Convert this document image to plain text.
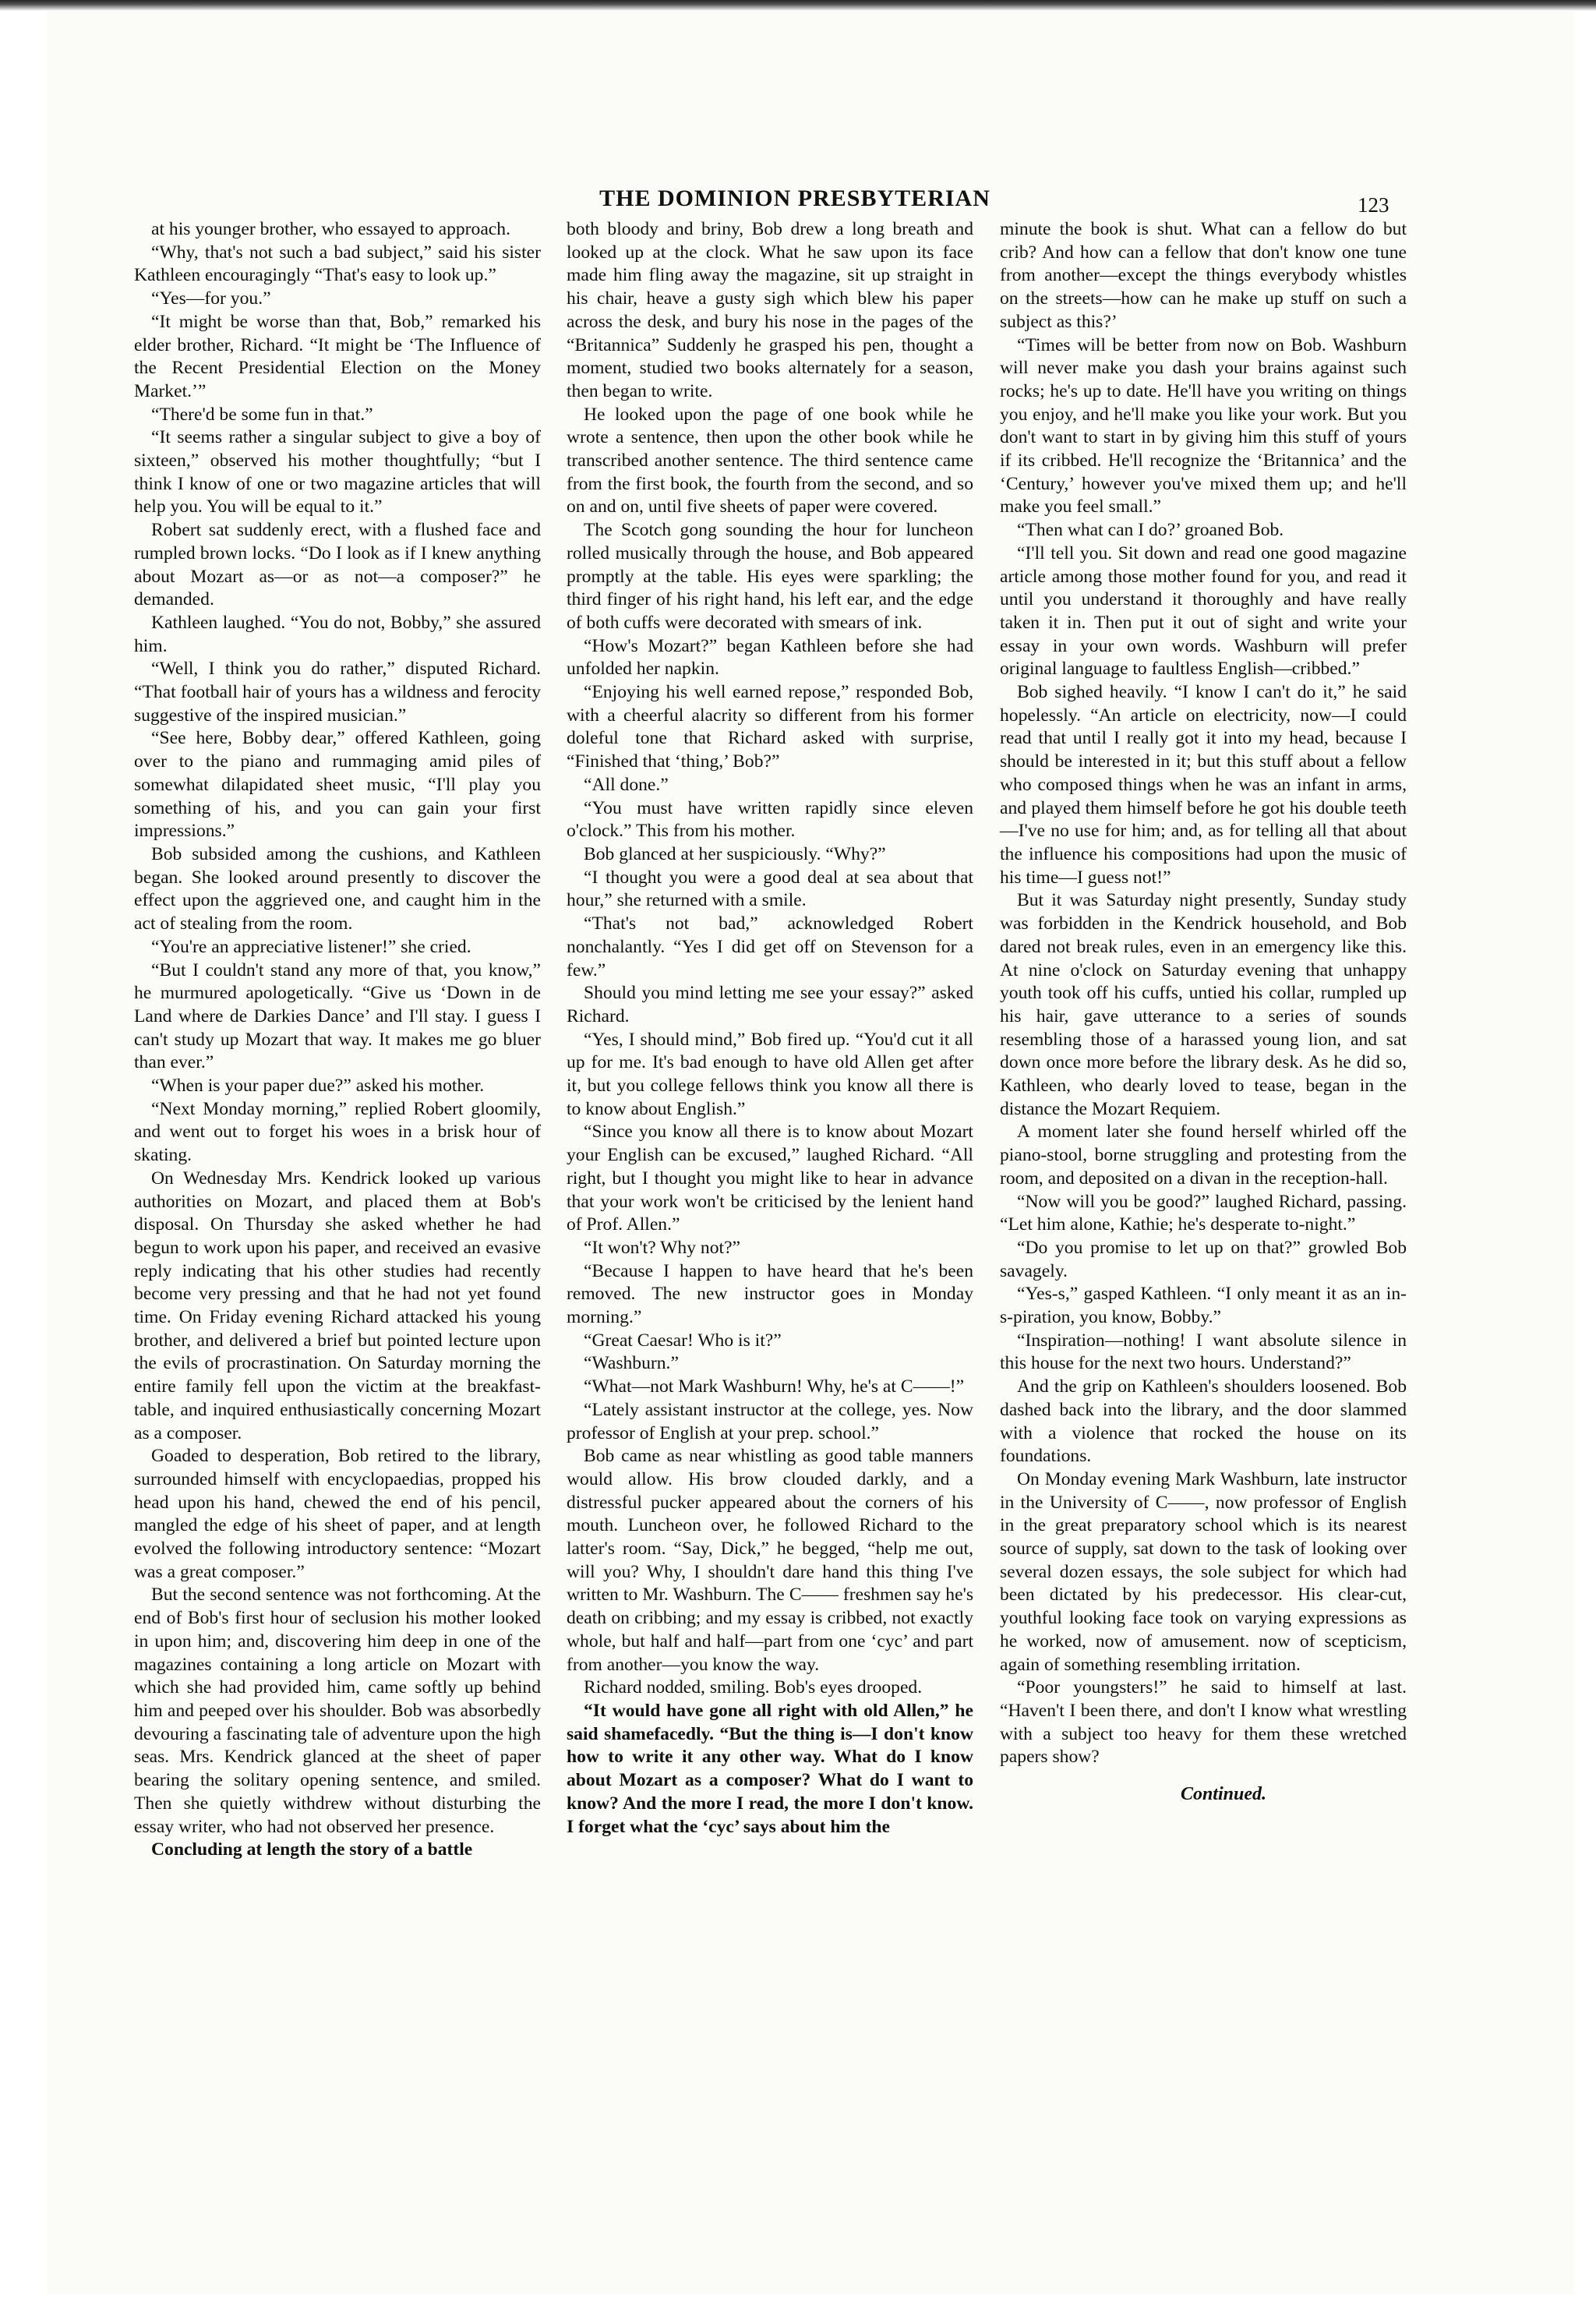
THE DOMINION PRESBYTERIAN	123

at his younger brother, who essayed to approach.

“Why, that's not such a bad subject,” said his sister Kathleen encouragingly “That's easy to look up.”

“Yes—for you.”

“It might be worse than that, Bob,” remarked his elder brother, Richard. “It might be ‘The Influence of the Recent Presidential Election on the Money Market.’”

“There'd be some fun in that.”

“It seems rather a singular subject to give a boy of sixteen,” observed his mother thoughtfully; “but I think I know of one or two magazine articles that will help you. You will be equal to it.”

Robert sat suddenly erect, with a flushed face and rumpled brown locks. “Do I look as if I knew anything about Mozart as—or as not—a composer?” he demanded.

Kathleen laughed. “You do not, Bobby,” she assured him.

“Well, I think you do rather,” disputed Richard. “That football hair of yours has a wildness and ferocity suggestive of the inspired musician.”

“See here, Bobby dear,” offered Kathleen, going over to the piano and rummaging amid piles of somewhat dilapidated sheet music, “I'll play you something of his, and you can gain your first impressions.”

Bob subsided among the cushions, and Kathleen began. She looked around presently to discover the effect upon the aggrieved one, and caught him in the act of stealing from the room.

“You're an appreciative listener!” she cried.

“But I couldn't stand any more of that, you know,” he murmured apologetically. “Give us ‘Down in de Land where de Darkies Dance’ and I'll stay. I guess I can't study up Mozart that way. It makes me go bluer than ever.”

“When is your paper due?” asked his mother.

“Next Monday morning,” replied Robert gloomily, and went out to forget his woes in a brisk hour of skating.

On Wednesday Mrs. Kendrick looked up various authorities on Mozart, and placed them at Bob's disposal. On Thursday she asked whether he had begun to work upon his paper, and received an evasive reply indicating that his other studies had recently become very pressing and that he had not yet found time. On Friday evening Richard attacked his young brother, and delivered a brief but pointed lecture upon the evils of procrastination. On Saturday morning the entire family fell upon the victim at the breakfast-table, and inquired enthusiastically concerning Mozart as a composer.

Goaded to desperation, Bob retired to the library, surrounded himself with encyclopaedias, propped his head upon his hand, chewed the end of his pencil, mangled the edge of his sheet of paper, and at length evolved the following introductory sentence: “Mozart was a great composer.”

But the second sentence was not forthcoming. At the end of Bob's first hour of seclusion his mother looked in upon him; and, discovering him deep in one of the magazines containing a long article on Mozart with which she had provided him, came softly up behind him and peeped over his shoulder. Bob was absorbedly devouring a fascinating tale of adventure upon the high seas. Mrs. Kendrick glanced at the sheet of paper bearing the solitary opening sentence, and smiled. Then she quietly withdrew without disturbing the essay writer, who had not observed her presence.

Concluding at length the story of a battle

both bloody and briny, Bob drew a long breath and looked up at the clock. What he saw upon its face made him fling away the magazine, sit up straight in his chair, heave a gusty sigh which blew his paper across the desk, and bury his nose in the pages of the “Britannica” Suddenly he grasped his pen, thought a moment, studied two books alternately for a season, then began to write.

He looked upon the page of one book while he wrote a sentence, then upon the other book while he transcribed another sentence. The third sentence came from the first book, the fourth from the second, and so on and on, until five sheets of paper were covered.

The Scotch gong sounding the hour for luncheon rolled musically through the house, and Bob appeared promptly at the table. His eyes were sparkling; the third finger of his right hand, his left ear, and the edge of both cuffs were decorated with smears of ink.

“How's Mozart?” began Kathleen before she had unfolded her napkin.

“Enjoying his well earned repose,” responded Bob, with a cheerful alacrity so different from his former doleful tone that Richard asked with surprise, “Finished that ‘thing,’ Bob?”

“All done.”

“You must have written rapidly since eleven o'clock.” This from his mother.

Bob glanced at her suspiciously. “Why?”

“I thought you were a good deal at sea about that hour,” she returned with a smile.

“That's not bad,” acknowledged Robert nonchalantly. “Yes I did get off on Stevenson for a few.”

Should you mind letting me see your essay?” asked Richard.

“Yes, I should mind,” Bob fired up. “You'd cut it all up for me. It's bad enough to have old Allen get after it, but you college fellows think you know all there is to know about English.”

“Since you know all there is to know about Mozart your English can be excused,” laughed Richard. “All right, but I thought you might like to hear in advance that your work won't be criticised by the lenient hand of Prof. Allen.”

“It won't? Why not?”

“Because I happen to have heard that he's been removed. The new instructor goes in Monday morning.”

“Great Caesar! Who is it?”

“Washburn.”

“What—not Mark Washburn! Why, he's at C——!”

“Lately assistant instructor at the college, yes. Now professor of English at your prep. school.”

Bob came as near whistling as good table manners would allow. His brow clouded darkly, and a distressful pucker appeared about the corners of his mouth. Luncheon over, he followed Richard to the latter's room. “Say, Dick,” he begged, “help me out, will you? Why, I shouldn't dare hand this thing I've written to Mr. Washburn. The C—— freshmen say he's death on cribbing; and my essay is cribbed, not exactly whole, but half and half—part from one ‘cyc’ and part from another—you know the way.

Richard nodded, smiling. Bob's eyes drooped.

“It would have gone all right with old Allen,” he said shamefacedly. “But the thing is—I don't know how to write it any other way. What do I know about Mozart as a composer? What do I want to know? And the more I read, the more I don't know. I forget what the ‘cyc’ says about him the

minute the book is shut. What can a fellow do but crib? And how can a fellow that don't know one tune from another—except the things everybody whistles on the streets—how can he make up stuff on such a subject as this?’

“Times will be better from now on Bob. Washburn will never make you dash your brains against such rocks; he's up to date. He'll have you writing on things you enjoy, and he'll make you like your work. But you don't want to start in by giving him this stuff of yours if its cribbed. He'll recognize the ‘Britannica’ and the ‘Century,’ however you've mixed them up; and he'll make you feel small.”

“Then what can I do?’ groaned Bob.

“I'll tell you. Sit down and read one good magazine article among those mother found for you, and read it until you understand it thoroughly and have really taken it in. Then put it out of sight and write your essay in your own words. Washburn will prefer original language to faultless English—cribbed.”

Bob sighed heavily. “I know I can't do it,” he said hopelessly. “An article on electricity, now—I could read that until I really got it into my head, because I should be interested in it; but this stuff about a fellow who composed things when he was an infant in arms, and played them himself before he got his double teeth—I've no use for him; and, as for telling all that about the influence his compositions had upon the music of his time—I guess not!”

But it was Saturday night presently, Sunday study was forbidden in the Kendrick household, and Bob dared not break rules, even in an emergency like this. At nine o'clock on Saturday evening that unhappy youth took off his cuffs, untied his collar, rumpled up his hair, gave utterance to a series of sounds resembling those of a harassed young lion, and sat down once more before the library desk. As he did so, Kathleen, who dearly loved to tease, began in the distance the Mozart Requiem.

A moment later she found herself whirled off the piano-stool, borne struggling and protesting from the room, and deposited on a divan in the reception-hall.

“Now will you be good?” laughed Richard, passing. “Let him alone, Kathie; he's desperate to-night.”

“Do you promise to let up on that?” growled Bob savagely.

“Yes-s,” gasped Kathleen. “I only meant it as an in-s-piration, you know, Bobby.”

“Inspiration—nothing! I want absolute silence in this house for the next two hours. Understand?”

And the grip on Kathleen's shoulders loosened. Bob dashed back into the library, and the door slammed with a violence that rocked the house on its foundations.

On Monday evening Mark Washburn, late instructor in the University of C——, now professor of English in the great preparatory school which is its nearest source of supply, sat down to the task of looking over several dozen essays, the sole subject for which had been dictated by his predecessor. His clear-cut, youthful looking face took on varying expressions as he worked, now of amusement. now of scepticism, again of something resembling irritation.

“Poor youngsters!” he said to himself at last. “Haven't I been there, and don't I know what wrestling with a subject too heavy for them these wretched papers show?

Continued.
